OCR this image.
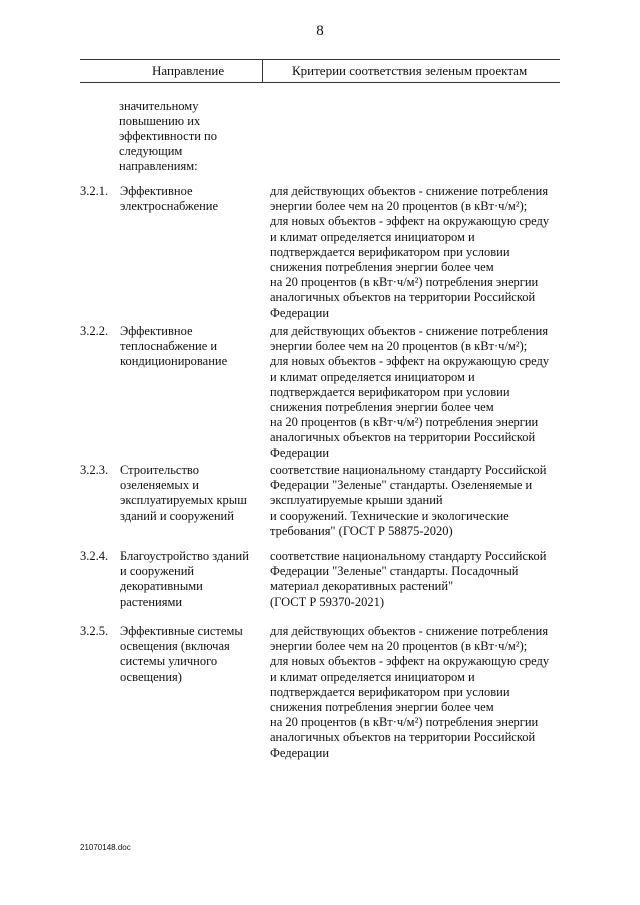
8
Направление	Критерии соответствия зеленым проектам
значительному
повышению их
эффективности по
следующим
направлениям:
3.2.1. Эффективное
электроснабжение
для действующих объектов - снижение потребления
энергии более чем на 20 процентов (в кВт·ч/м²);
для новых объектов - эффект на окружающую среду
и климат определяется инициатором и
подтверждается верификатором при условии
снижения потребления энергии более чем
на 20 процентов (в кВт·ч/м²) потребления энергии
аналогичных объектов на территории Российской
Федерации
3.2.2. Эффективное
теплоснабжение и
кондиционирование
для действующих объектов - снижение потребления
энергии более чем на 20 процентов (в кВт·ч/м²);
для новых объектов - эффект на окружающую среду
и климат определяется инициатором и
подтверждается верификатором при условии
снижения потребления энергии более чем
на 20 процентов (в кВт·ч/м²) потребления энергии
аналогичных объектов на территории Российской
Федерации
3.2.3. Строительство
озеленяемых и
эксплуатируемых крыш
зданий и сооружений
соответствие национальному стандарту Российской
Федерации "Зеленые" стандарты. Озеленяемые и
эксплуатируемые крыши зданий
и сооружений. Технические и экологические
требования" (ГОСТ Р 58875-2020)
3.2.4. Благоустройство зданий
и сооружений
декоративными
растениями
соответствие национальному стандарту Российской
Федерации "Зеленые" стандарты. Посадочный
материал декоративных растений"
(ГОСТ Р 59370-2021)
3.2.5. Эффективные системы
освещения (включая
системы уличного
освещения)
для действующих объектов - снижение потребления
энергии более чем на 20 процентов (в кВт·ч/м²);
для новых объектов - эффект на окружающую среду
и климат определяется инициатором и
подтверждается верификатором при условии
снижения потребления энергии более чем
на 20 процентов (в кВт·ч/м²) потребления энергии
аналогичных объектов на территории Российской
Федерации
21070148.doc
